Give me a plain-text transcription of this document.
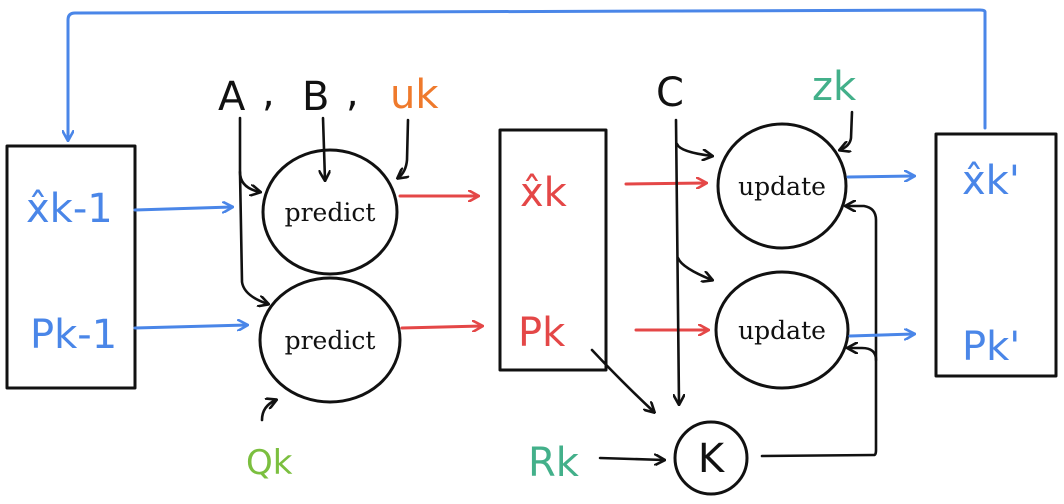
x̂k-1
Pk-1
A , B , uk	C	zk
predict
predict
Qk
x̂k
Pk
update
update
K
Rk
x̂k'
Pk'
